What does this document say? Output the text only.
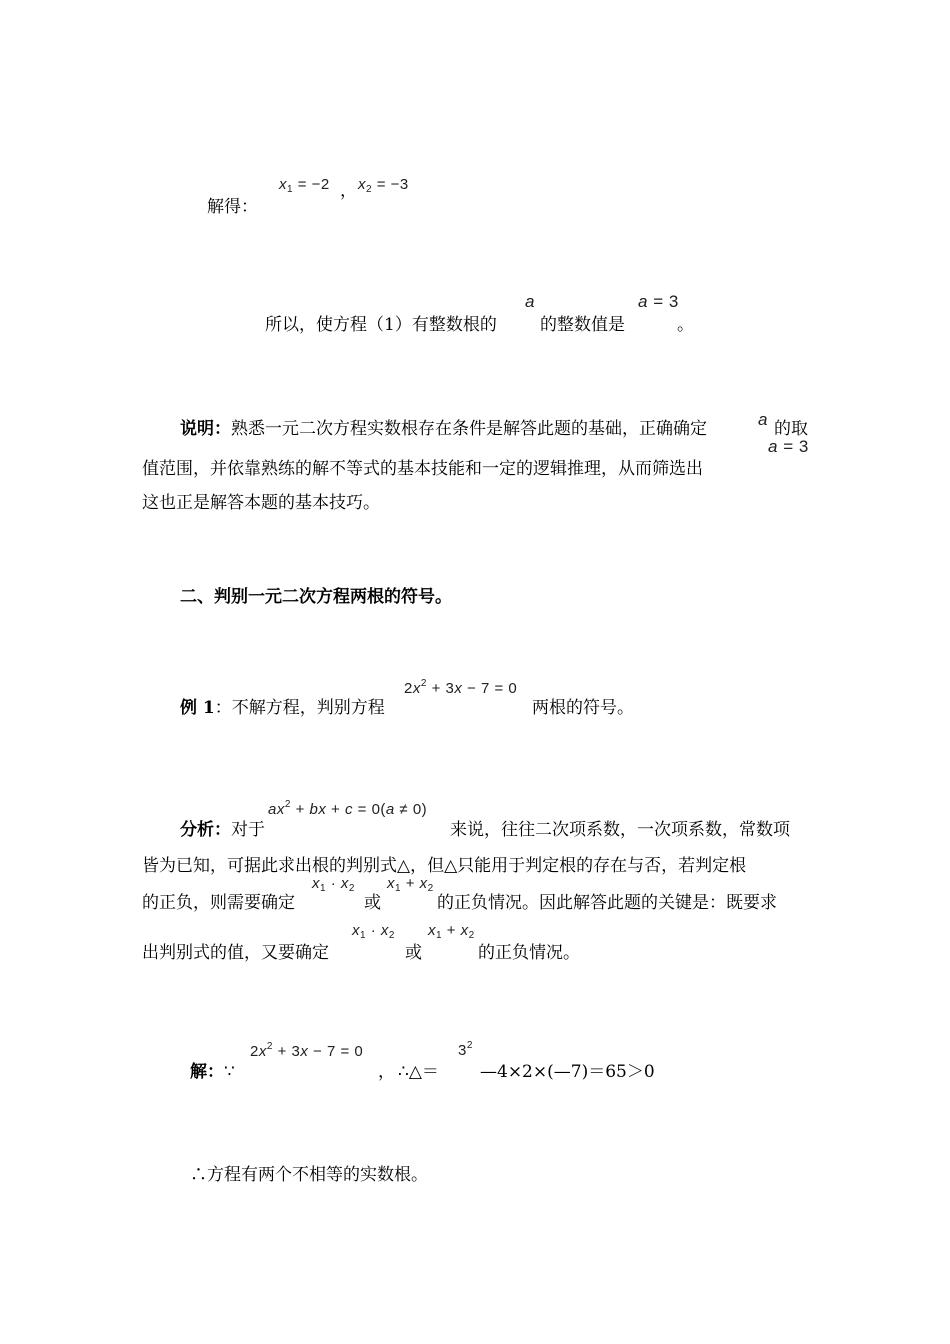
解得：
$x_1 = -2$ ， $x_2 = -3$
所以，使方程（1）有整数根的
a
的整数值是
a = 3
。
说明：熟悉一元二次方程实数根存在条件是解答此题的基础，正确确定	a 的取
值范围，并依靠熟练的解不等式的基本技能和一定的逻辑推理，从而筛选出
a = 3
这也正是解答本题的基本技巧。
二、判别一元二次方程两根的符号。
例 1：不解方程，判别方程
$2x^2 + 3x - 7 = 0$
两根的符号。
分析：对于
$ax^2$ + bx + c = 0(a ≠ 0)
来说，往往二次项系数，一次项系数，常数项
皆为已知，可据此求出根的判别式△，但△只能用于判定根的存在与否，若判定根
的正负，则需要确定
$x_1 \cdot x_2$
或
$x_1 + x_2$
的正负情况。因此解答此题的关键是：既要求
出判别式的值，又要确定
$x_1 \cdot x_2$
或
$x_1 + x_2$
的正负情况。
解：∵
$2x^2 + 3x - 7 = 0$
， ∴△＝
$3^2$
—4×2×(—7)＝65＞0
∴方程有两个不相等的实数根。
